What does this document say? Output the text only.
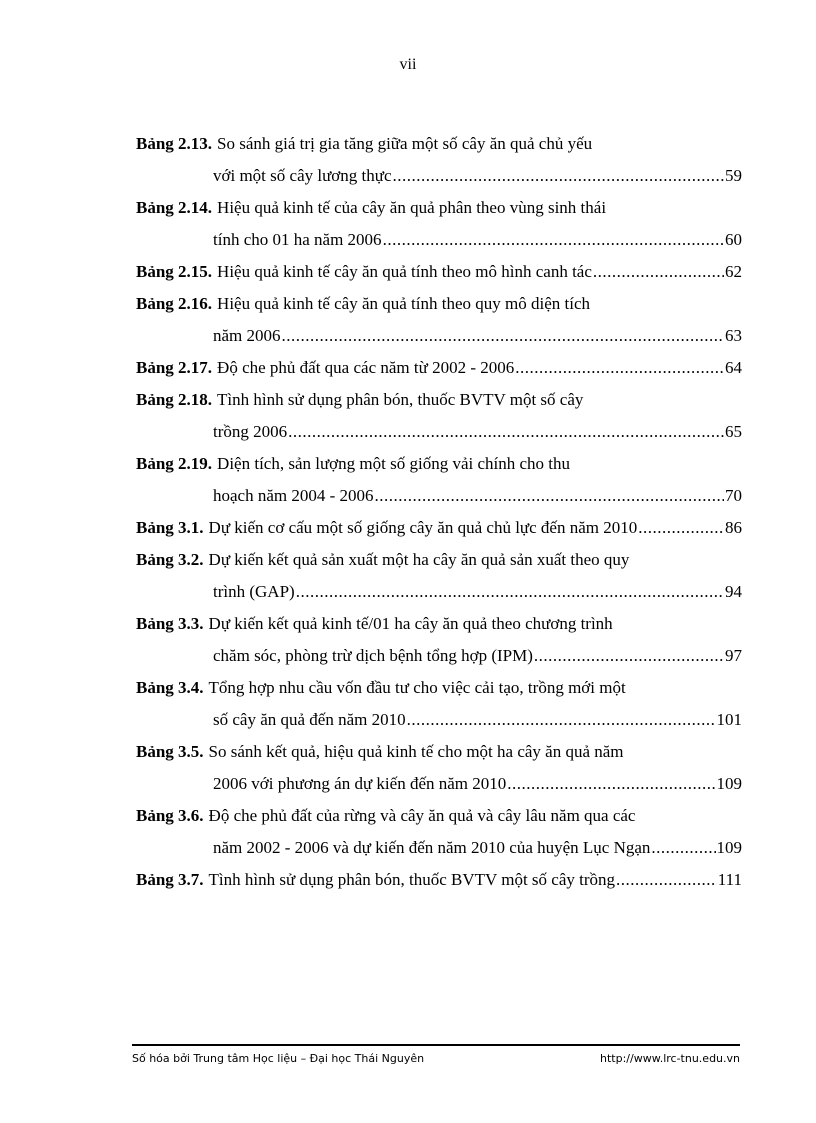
vii
Bảng 2.13. So sánh giá trị gia tăng giữa một số cây ăn quả chủ yếu
với một số cây lương thực .....	59
Bảng 2.14. Hiệu quả kinh tế của cây ăn quả phân theo vùng sinh thái
tính cho 01 ha năm 2006 .....	60
Bảng 2.15. Hiệu quả kinh tế cây ăn quả tính theo mô hình canh tác .....	62
Bảng 2.16. Hiệu quả kinh tế cây ăn quả tính theo quy mô diện tích
năm 2006 .....	63
Bảng 2.17. Độ che phủ đất qua các năm từ 2002 - 2006 .....	64
Bảng 2.18. Tình hình sử dụng phân bón, thuốc BVTV một số cây
trồng 2006 .....	65
Bảng 2.19. Diện tích, sản lượng một số giống vải chính cho thu
hoạch năm 2004 - 2006 .....	70
Bảng 3.1. Dự kiến cơ cấu một số giống cây ăn quả chủ lực đến năm 2010 .....	86
Bảng 3.2. Dự kiến kết quả sản xuất một ha cây ăn quả sản xuất theo quy
trình (GAP) .....	94
Bảng 3.3. Dự kiến kết quả kinh tế/01 ha cây ăn quả theo chương trình
chăm sóc, phòng trừ dịch bệnh tổng hợp (IPM) .....	97
Bảng 3.4. Tổng hợp nhu cầu vốn đầu tư cho việc cải tạo, trồng mới một
số cây ăn quả đến năm 2010 .....	101
Bảng 3.5. So sánh kết quả, hiệu quả kinh tế cho một ha cây ăn quả năm
2006 với phương án dự kiến đến năm 2010 .....	109
Bảng 3.6. Độ che phủ đất của rừng và cây ăn quả và cây lâu năm qua các
năm 2002 - 2006 và dự kiến đến năm 2010 của huyện Lục Ngạn .....	109
Bảng 3.7. Tình hình sử dụng phân bón, thuốc BVTV một số cây trồng .....	111
Số hóa bởi Trung tâm Học liệu – Đại học Thái Nguyên	http://www.lrc-tnu.edu.vn
